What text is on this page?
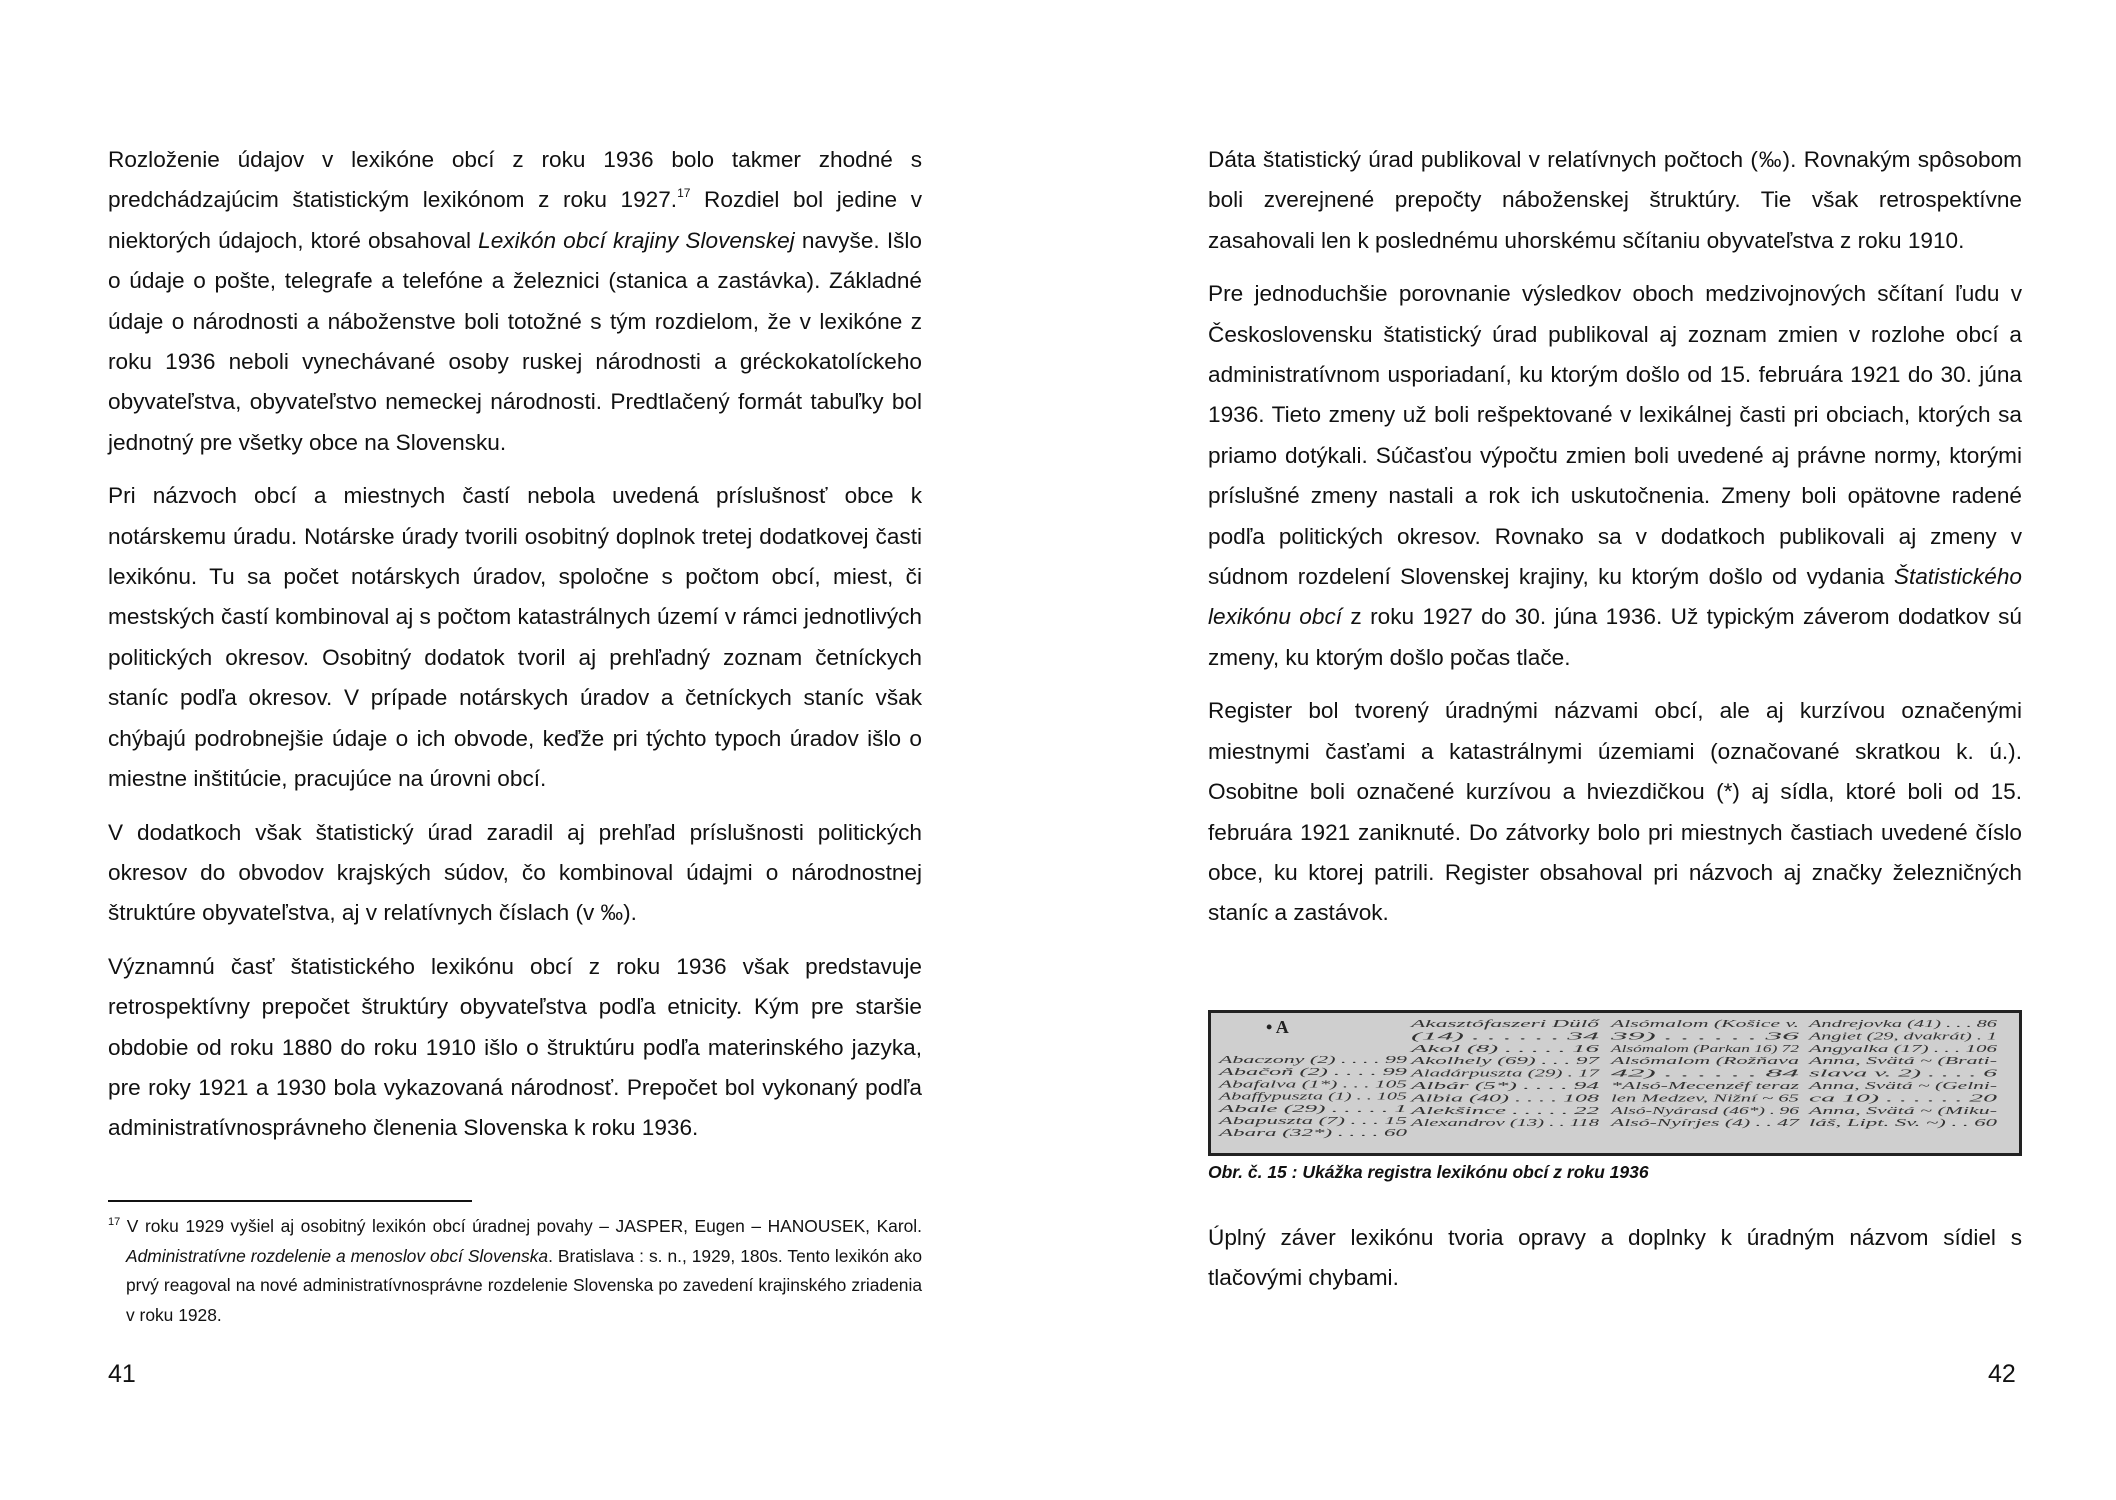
Rozloženie údajov v lexikóne obcí z roku 1936 bolo takmer zhodné s predchádzajúcim štatistickým lexikónom z roku 1927.17 Rozdiel bol jedine v niektorých údajoch, ktoré obsahoval Lexikón obcí krajiny Slovenskej navyše. Išlo o údaje o pošte, telegrafe a telefóne a železnici (stanica a zastávka). Základné údaje o národnosti a náboženstve boli totožné s tým rozdielom, že v lexikóne z roku 1936 neboli vynechávané osoby ruskej národnosti a gréckokatolíckeho obyvateľstva, obyvateľstvo nemeckej národnosti. Predtlačený formát tabuľky bol jednotný pre všetky obce na Slovensku.

Pri názvoch obcí a miestnych častí nebola uvedená príslušnosť obce k notárskemu úradu. Notárske úrady tvorili osobitný doplnok tretej dodatkovej časti lexikónu. Tu sa počet notárskych úradov, spoločne s počtom obcí, miest, či mestských častí kombinoval aj s počtom katastrálnych území v rámci jednotlivých politických okresov. Osobitný dodatok tvoril aj prehľadný zoznam četníckych staníc podľa okresov. V prípade notárskych úradov a četníckych staníc však chýbajú podrobnejšie údaje o ich obvode, keďže pri týchto typoch úradov išlo o miestne inštitúcie, pracujúce na úrovni obcí.

V dodatkoch však štatistický úrad zaradil aj prehľad príslušnosti politických okresov do obvodov krajských súdov, čo kombinoval údajmi o národnostnej štruktúre obyvateľstva, aj v relatívnych číslach (v ‰).

Významnú časť štatistického lexikónu obcí z roku 1936 však predstavuje retrospektívny prepočet štruktúry obyvateľstva podľa etnicity. Kým pre staršie obdobie od roku 1880 do roku 1910 išlo o štruktúru podľa materinského jazyka, pre roky 1921 a 1930 bola vykazovaná národnosť. Prepočet bol vykonaný podľa administratívnosprávneho členenia Slovenska k roku 1936.

$^{17}$ V roku 1929 vyšiel aj osobitný lexikón obcí úradnej povahy – JASPER, Eugen – HANOUSEK, Karol. Administratívne rozdelenie a menoslov obcí Slovenska. Bratislava : s. n., 1929, 180s. Tento lexikón ako prvý reagoval na nové administratívnosprávne rozdelenie Slovenska po zavedení krajinského zriadenia v roku 1928.
41

Dáta štatistický úrad publikoval v relatívnych počtoch (‰). Rovnakým spôsobom boli zverejnené prepočty náboženskej štruktúry. Tie však retrospektívne zasahovali len k poslednému uhorskému sčítaniu obyvateľstva z roku 1910.

Pre jednoduchšie porovnanie výsledkov oboch medzivojnových sčítaní ľudu v Československu štatistický úrad publikoval aj zoznam zmien v rozlohe obcí a administratívnom usporiadaní, ku ktorým došlo od 15. februára 1921 do 30. júna 1936. Tieto zmeny už boli rešpektované v lexikálnej časti pri obciach, ktorých sa priamo dotýkali. Súčasťou výpočtu zmien boli uvedené aj právne normy, ktorými príslušné zmeny nastali a rok ich uskutočnenia. Zmeny boli opätovne radené podľa politických okresov. Rovnako sa v dodatkoch publikovali aj zmeny v súdnom rozdelení Slovenskej krajiny, ku ktorým došlo od vydania Štatistického lexikónu obcí z roku 1927 do 30. júna 1936. Už typickým záverom dodatkov sú zmeny, ku ktorým došlo počas tlače.

Register bol tvorený úradnými názvami obcí, ale aj kurzívou označenými miestnymi časťami a katastrálnymi územiami (označované skratkou k. ú.). Osobitne boli označené kurzívou a hviezdičkou (*) aj sídla, ktoré boli od 15. februára 1921 zaniknuté. Do zátvorky bolo pri miestnych častiach uvedené číslo obce, ku ktorej patrili. Register obsahoval pri názvoch aj značky železničných staníc a zastávok.

• A
Abaczony (2) . . . . 99
Abačoň (2) . . . . 99
Abafalva (1*) . . . 105
Abaffypuszta (1) . . 105
Abale (29) . . . . . 1
Abapuszta (7) . . . 15
Abara (32*) . . . . 60
Akasztófaszeri Dülő
(14) . . . . . . 34
Akol (8) . . . . . 16
Akolhely (69) . . . 97
Aladárpuszta (29) . 17
Albár (5*) . . . . 94
Albia (40) . . . . 108
Alekšince . . . . . 22
Alexandrov (13) . . 118
Alsómalom (Košice v.
39) . . . . . . 36
Alsómalom (Parkan 16) 72
Alsómalom (Rožňava
42) . . . . . . 84
*Alsó-Mecenzéf teraz
len Medzev, Nižní ~ 65
Alsó-Nyárasd (46*) . 96
Alsó-Nyírjes (4) . . 47
Andrejovka (41) . . . 86
Angiet (29, dvakrát) . 1
Angyalka (17) . . . 106
Anna, Svätá ~ (Brati-
slava v. 2) . . . . 6
Anna, Svätá ~ (Gelni-
ca 10) . . . . . . 20
Anna, Svätá ~ (Miku-
láš, Lipt. Sv. ~) . . 60
Obr. č. 15 : Ukážka registra lexikónu obcí z roku 1936

Úplný záver lexikónu tvoria opravy a doplnky k úradným názvom sídiel s tlačovými chybami.

42
